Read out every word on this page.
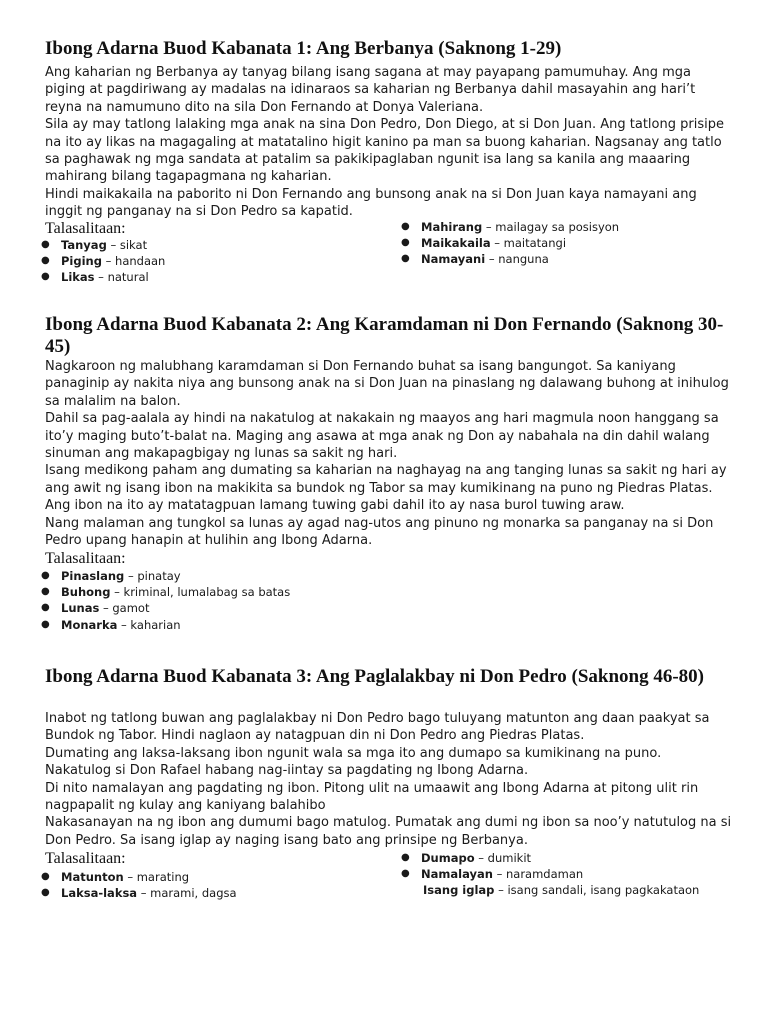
Ibong Adarna Buod Kabanata 1: Ang Berbanya (Saknong 1-29)

Ang kaharian ng Berbanya ay tanyag bilang isang sagana at may payapang pamumuhay. Ang mga piging at pagdiriwang ay madalas na idinaraos sa kaharian ng Berbanya dahil masayahin ang hari’t reyna na namumuno dito na sila Don Fernando at Donya Valeriana.

Sila ay may tatlong lalaking mga anak na sina Don Pedro, Don Diego, at si Don Juan. Ang tatlong prisipe na ito ay likas na magagaling at matatalino higit kanino pa man sa buong kaharian. Nagsanay ang tatlo sa paghawak ng mga sandata at patalim sa pakikipaglaban ngunit isa lang sa kanila ang maaaring mahirang bilang tagapagmana ng kaharian.

Hindi maikakaila na paborito ni Don Fernando ang bunsong anak na si Don Juan kaya namayani ang inggit ng panganay na si Don Pedro sa kapatid.

Talasalitaan:
● Tanyag – sikat
● Piging – handaan
● Likas – natural
● Mahirang – mailagay sa posisyon
● Maikakaila – maitatangi
● Namayani – nanguna
Ibong Adarna Buod Kabanata 2: Ang Karamdaman ni Don Fernando (Saknong 30-45)

Nagkaroon ng malubhang karamdaman si Don Fernando buhat sa isang bangungot. Sa kaniyang panaginip ay nakita niya ang bunsong anak na si Don Juan na pinaslang ng dalawang buhong at inihulog sa malalim na balon.

Dahil sa pag-aalala ay hindi na nakatulog at nakakain ng maayos ang hari magmula noon hanggang sa ito’y maging buto’t-balat na. Maging ang asawa at mga anak ng Don ay nabahala na din dahil walang sinuman ang makapagbigay ng lunas sa sakit ng hari.

Isang medikong paham ang dumating sa kaharian na naghayag na ang tanging lunas sa sakit ng hari ay ang awit ng isang ibon na makikita sa bundok ng Tabor sa may kumikinang na puno ng Piedras Platas. Ang ibon na ito ay matatagpuan lamang tuwing gabi dahil ito ay nasa burol tuwing araw.

Nang malaman ang tungkol sa lunas ay agad nag-utos ang pinuno ng monarka sa panganay na si Don Pedro upang hanapin at hulihin ang Ibong Adarna.

Talasalitaan:
● Pinaslang – pinatay
● Buhong – kriminal, lumalabag sa batas
● Lunas – gamot
● Monarka – kaharian
Ibong Adarna Buod Kabanata 3: Ang Paglalakbay ni Don Pedro (Saknong 46-80)

Inabot ng tatlong buwan ang paglalakbay ni Don Pedro bago tuluyang matunton ang daan paakyat sa Bundok ng Tabor. Hindi naglaon ay natagpuan din ni Don Pedro ang Piedras Platas.

Dumating ang laksa-laksang ibon ngunit wala sa mga ito ang dumapo sa kumikinang na puno.

Nakatulog si Don Rafael habang nag-iintay sa pagdating ng Ibong Adarna.

Di nito namalayan ang pagdating ng ibon. Pitong ulit na umaawit ang Ibong Adarna at pitong ulit rin nagpapalit ng kulay ang kaniyang balahibo

Nakasanayan na ng ibon ang dumumi bago matulog. Pumatak ang dumi ng ibon sa noo’y natutulog na si Don Pedro. Sa isang iglap ay naging isang bato ang prinsipe ng Berbanya.

Talasalitaan:
● Matunton – marating
● Laksa-laksa – marami, dagsa
● Dumapo – dumikit
● Namalayan – naramdaman
Isang iglap – isang sandali, isang pagkakataon
